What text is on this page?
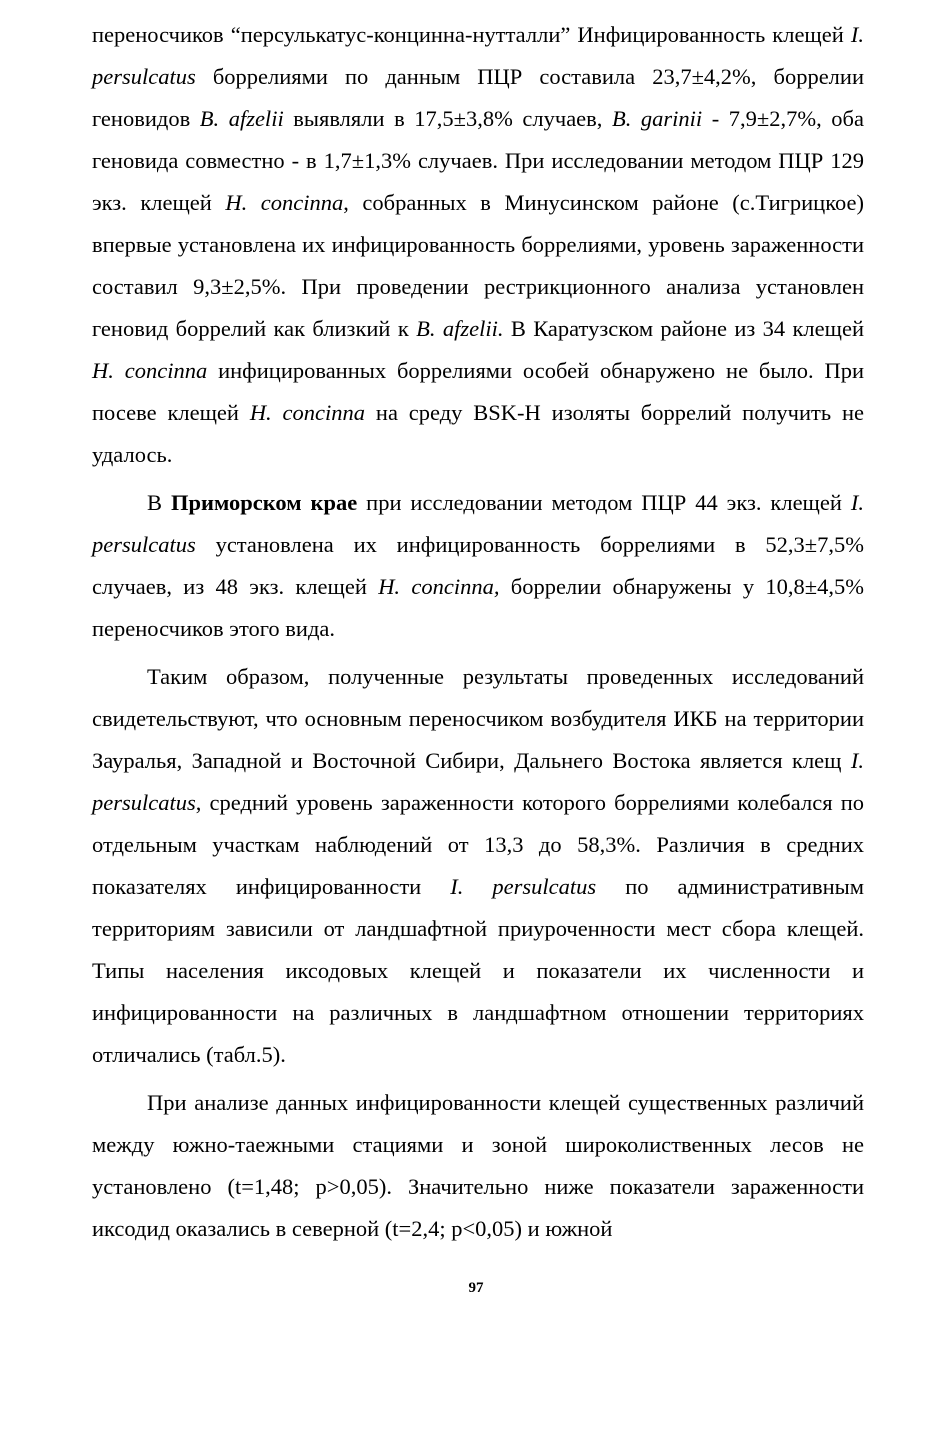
переносчиков “персулькатус-концинна-нутталли” Инфицированность клещей I. persulcatus боррелиями по данным ПЦР составила 23,7±4,2%, боррелии геновидов B. afzelii выявляли в 17,5±3,8% случаев, B. garinii - 7,9±2,7%, оба геновида совместно - в 1,7±1,3% случаев. При исследовании методом ПЦР 129 экз. клещей H. concinna, собранных в Минусинском районе (с.Тигрицкое) впервые установлена их инфицированность боррелиями, уровень зараженности составил 9,3±2,5%. При проведении рестрикционного анализа установлен геновид боррелий как близкий к B. afzelii. В Каратузском районе из 34 клещей H. concinna инфицированных боррелиями особей обнаружено не было. При посеве клещей H. concinna на среду BSK-H изоляты боррелий получить не удалось.

В Приморском крае при исследовании методом ПЦР 44 экз. клещей I. persulcatus установлена их инфицированность боррелиями в 52,3±7,5% случаев, из 48 экз. клещей H. concinna, боррелии обнаружены у 10,8±4,5% переносчиков этого вида.

Таким образом, полученные результаты проведенных исследований свидетельствуют, что основным переносчиком возбудителя ИКБ на территории Зауралья, Западной и Восточной Сибири, Дальнего Востока является клещ I. persulcatus, средний уровень зараженности которого боррелиями колебался по отдельным участкам наблюдений от 13,3 до 58,3%. Различия в средних показателях инфицированности I. persulcatus по административным территориям зависили от ландшафтной приуроченности мест сбора клещей. Типы населения иксодовых клещей и показатели их численности и инфицированности на различных в ландшафтном отношении территориях отличались (табл.5).

При анализе данных инфицированности клещей существенных различий между южно-таежными стациями и зоной широколиственных лесов не установлено (t=1,48; p>0,05). Значительно ниже показатели зараженности иксодид оказались в северной (t=2,4; p<0,05) и южной

97
